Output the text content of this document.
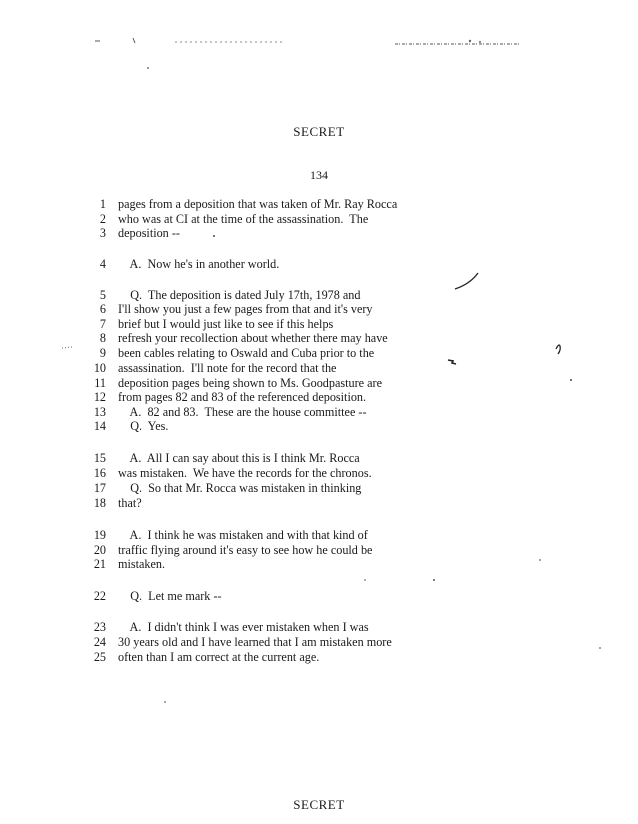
SECRET
134
1 pages from a deposition that was taken of Mr. Ray Rocca
2 who was at CI at the time of the assassination.  The
3 deposition --
4 A.  Now he's in another world.
5 Q.  The deposition is dated July 17th, 1978 and
6 I'll show you just a few pages from that and it's very
7 brief but I would just like to see if this helps
8 refresh your recollection about whether there may have
9 been cables relating to Oswald and Cuba prior to the
10 assassination.  I'll note for the record that the
11 deposition pages being shown to Ms. Goodpasture are
12 from pages 82 and 83 of the referenced deposition.
13 A.  82 and 83.  These are the house committee --
14 Q.  Yes.
15 A.  All I can say about this is I think Mr. Rocca
16 was mistaken.  We have the records for the chronos.
17 Q.  So that Mr. Rocca was mistaken in thinking
18 that?
19 A.  I think he was mistaken and with that kind of
20 traffic flying around it's easy to see how he could be
21 mistaken.
22 Q.  Let me mark --
23 A.  I didn't think I was ever mistaken when I was
24 30 years old and I have learned that I am mistaken more
25 often than I am correct at the current age.
SECRET
